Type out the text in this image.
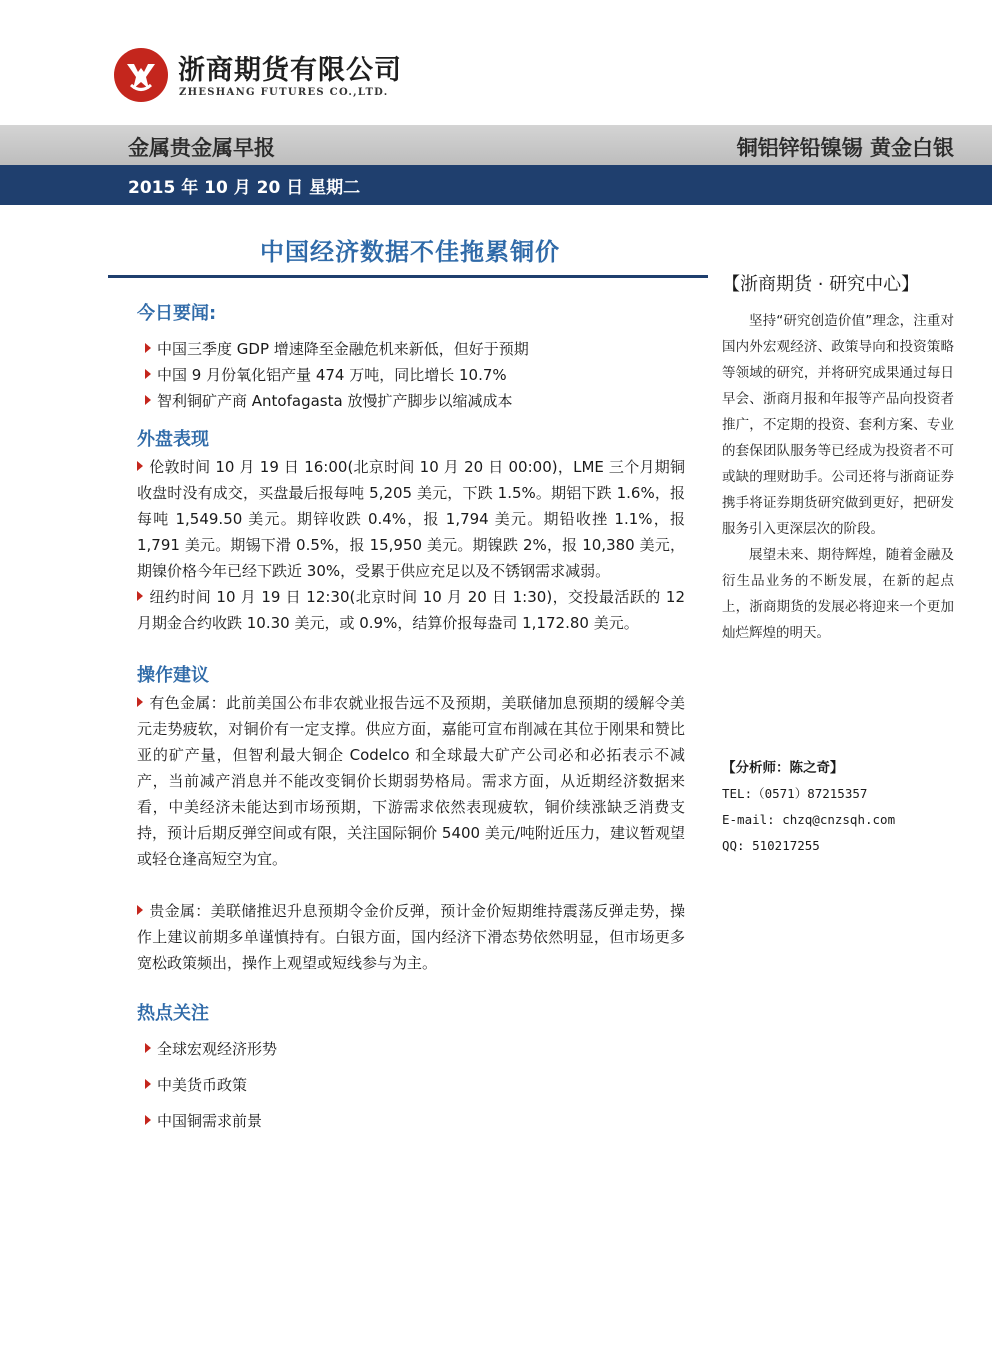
浙商期货有限公司
ZHESHANG FUTURES CO.,LTD.
金属贵金属早报	铜铝锌铅镍锡 黄金白银
2015 年 10 月 20 日 星期二
中国经济数据不佳拖累铜价
今日要闻:
中国三季度 GDP 增速降至金融危机来新低，但好于预期
中国 9 月份氧化铝产量 474 万吨，同比增长 10.7%
智利铜矿产商 Antofagasta 放慢扩产脚步以缩减成本
外盘表现

伦敦时间 10 月 19 日 16:00(北京时间 10 月 20 日 00:00)，LME 三个月期铜收盘时没有成交，买盘最后报每吨 5,205 美元，下跌 1.5%。期铝下跌 1.6%，报每吨 1,549.50 美元。期锌收跌 0.4%，报 1,794 美元。期铅收挫 1.1%，报 1,791 美元。期锡下滑 0.5%，报 15,950 美元。期镍跌 2%，报 10,380 美元，期镍价格今年已经下跌近 30%，受累于供应充足以及不锈钢需求减弱。

纽约时间 10 月 19 日 12:30(北京时间 10 月 20 日 1:30)，交投最活跃的 12 月期金合约收跌 10.30 美元，或 0.9%，结算价报每盎司 1,172.80 美元。

操作建议

有色金属：此前美国公布非农就业报告远不及预期，美联储加息预期的缓解令美元走势疲软，对铜价有一定支撑。供应方面，嘉能可宣布削减在其位于刚果和赞比亚的矿产量，但智利最大铜企 Codelco 和全球最大矿产公司必和必拓表示不减产，当前减产消息并不能改变铜价长期弱势格局。需求方面，从近期经济数据来看，中美经济未能达到市场预期，下游需求依然表现疲软，铜价续涨缺乏消费支持，预计后期反弹空间或有限，关注国际铜价 5400 美元/吨附近压力，建议暂观望或轻仓逢高短空为宜。

贵金属：美联储推迟升息预期令金价反弹，预计金价短期维持震荡反弹走势，操作上建议前期多单谨慎持有。白银方面，国内经济下滑态势依然明显，但市场更多宽松政策频出，操作上观望或短线参与为主。

热点关注
全球宏观经济形势
中美货币政策
中国铜需求前景
【浙商期货 · 研究中心】

坚持“研究创造价值”理念，注重对国内外宏观经济、政策导向和投资策略等领域的研究，并将研究成果通过每日早会、浙商月报和年报等产品向投资者推广，不定期的投资、套利方案、专业的套保团队服务等已经成为投资者不可或缺的理财助手。公司还将与浙商证券携手将证券期货研究做到更好，把研发服务引入更深层次的阶段。

展望未来、期待辉煌，随着金融及衍生品业务的不断发展，在新的起点上，浙商期货的发展必将迎来一个更加灿烂辉煌的明天。

【分析师：陈之奇】

TEL:（0571）87215357

E-mail: chzq@cnzsqh.com

QQ: 510217255
